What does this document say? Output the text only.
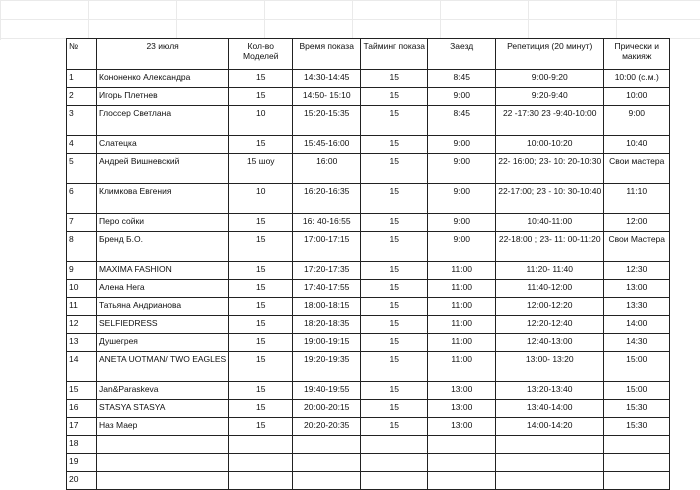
№	23 июля	Кол-во Моделей	Время показа	Тайминг показа	Заезд	Репетиция (20 минут)	Прически и макияж
1	Кононенко Александра	15	14:30-14:45	15	8:45	9:00-9:20	10:00 (с.м.)
2	Игорь Плетнев	15	14:50- 15:10	15	9:00	9:20-9:40	10:00
3	Глоссер Светлана	10	15:20-15:35	15	8:45	22 -17:30 23 -9:40-10:00	9:00
4	Слатецка	15	15:45-16:00	15	9:00	10:00-10:20	10:40
5	Андрей Вишневский	15 шоу	16:00	15	9:00	22- 16:00; 23- 10: 20-10:30	Свои мастера
6	Климкова Евгения	10	16:20-16:35	15	9:00	22-17:00; 23 - 10: 30-10:40	11:10
7	Перо сойки	15	16: 40-16:55	15	9:00	10:40-11:00	12:00
8	Бренд Б.О.	15	17:00-17:15	15	9:00	22-18:00 ; 23- 11: 00-11:20	Свои Мастера
9	MAXIMA FASHION	15	17:20-17:35	15	11:00	11:20- 11:40	12:30
10	Алена Нега	15	17:40-17:55	15	11:00	11:40-12:00	13:00
11	Татьяна Андрианова	15	18:00-18:15	15	11:00	12:00-12:20	13:30
12	SELFIEDRESS	15	18:20-18:35	15	11:00	12:20-12:40	14:00
13	Душегрея	15	19:00-19:15	15	11:00	12:40-13:00	14:30
14	ANETA UOTMAN/ TWO EAGLES	15	19:20-19:35	15	11:00	13:00- 13:20	15:00
15	Jan&Paraskeva	15	19:40-19:55	15	13:00	13:20-13:40	15:00
16	STASYA STASYA	15	20:00-20:15	15	13:00	13:40-14:00	15:30
17	Наз Маер	15	20:20-20:35	15	13:00	14:00-14:20	15:30
18							
19							
20							
